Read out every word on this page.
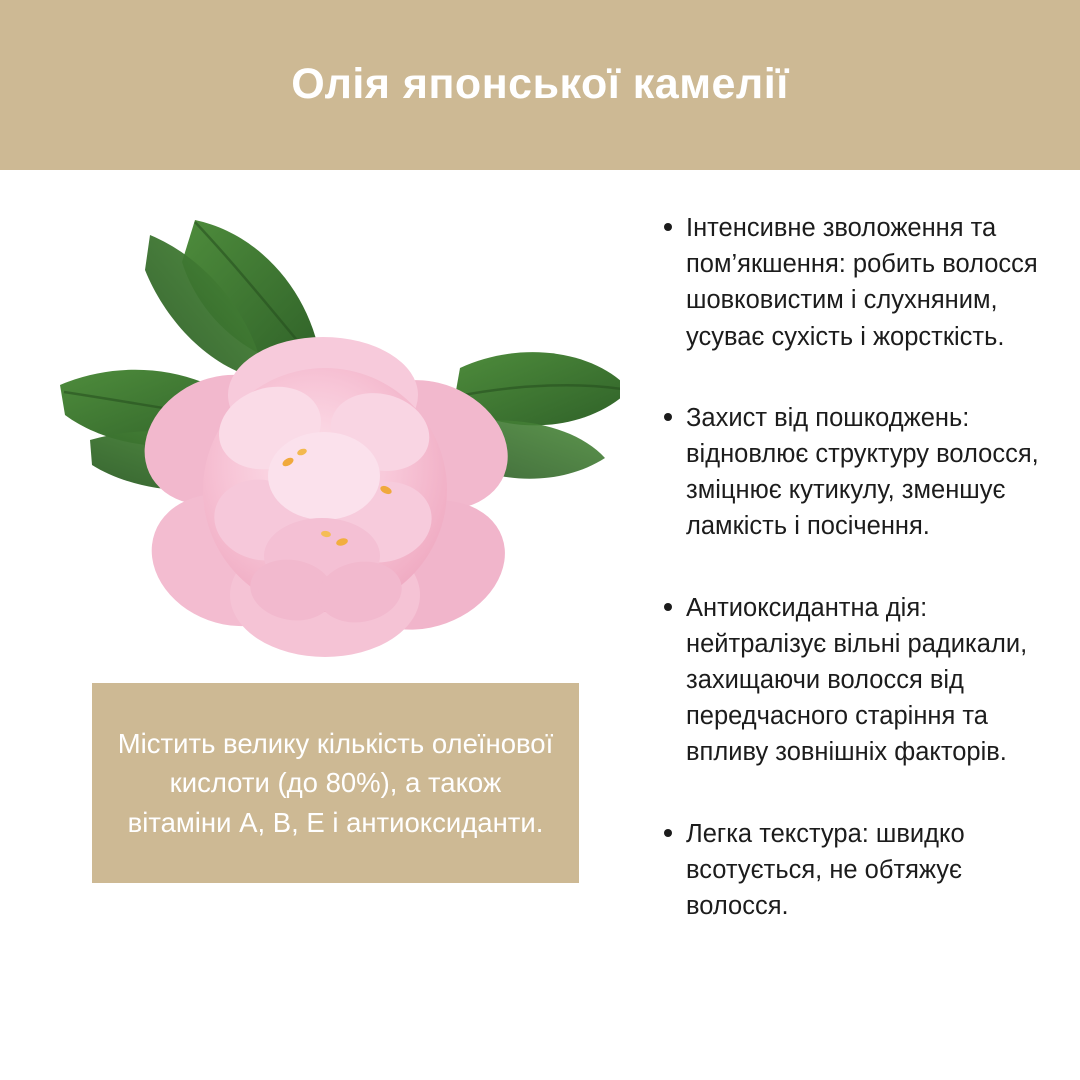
Олія японської камелії

Містить велику кількість олеїнової кислоти (до 80%), а також вітаміни А, В, Е і антиоксиданти.

Інтенсивне зволоження та пом’якшення: робить волосся шовковистим і слухняним, усуває сухість і жорсткість.
Захист від пошкоджень: відновлює структуру волосся, зміцнює кутикулу, зменшує ламкість і посічення.
Антиоксидантна дія: нейтралізує вільні радикали, захищаючи волосся від передчасного старіння та впливу зовнішніх факторів.
Легка текстура: швидко всотується, не обтяжує волосся.
